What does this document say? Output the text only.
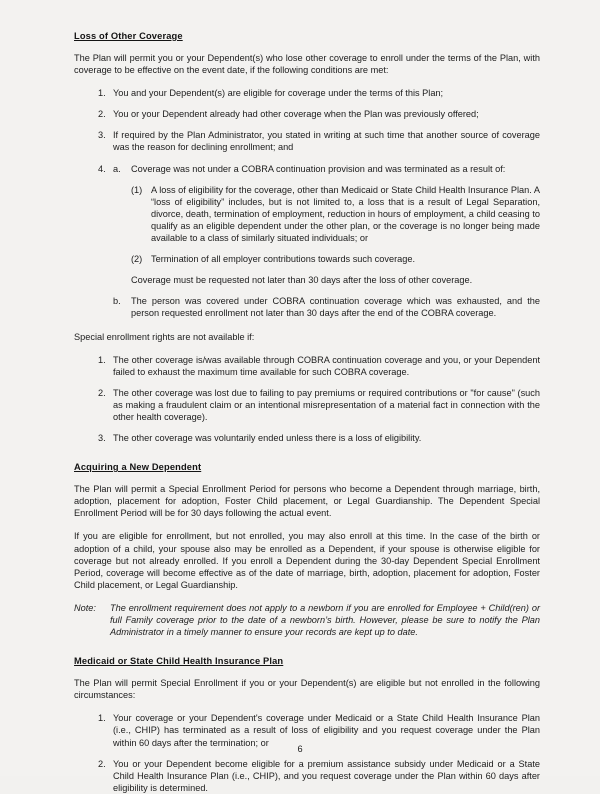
Loss of Other Coverage

The Plan will permit you or your Dependent(s) who lose other coverage to enroll under the terms of the Plan, with coverage to be effective on the event date, if the following conditions are met:

1. You and your Dependent(s) are eligible for coverage under the terms of this Plan;
2. You or your Dependent already had other coverage when the Plan was previously offered;
3. If required by the Plan Administrator, you stated in writing at such time that another source of coverage was the reason for declining enrollment; and
4. a.	Coverage was not under a COBRA continuation provision and was terminated as a result of:
(1) A loss of eligibility for the coverage, other than Medicaid or State Child Health Insurance Plan. A “loss of eligibility” includes, but is not limited to, a loss that is a result of Legal Separation, divorce, death, termination of employment, reduction in hours of employment, a child ceasing to qualify as an eligible dependent under the other plan, or the coverage is no longer being made available to a class of similarly situated individuals; or
(2) Termination of all employer contributions towards such coverage.

Coverage must be requested not later than 30 days after the loss of other coverage.

b.	The person was covered under COBRA continuation coverage which was exhausted, and the person requested enrollment not later than 30 days after the end of the COBRA coverage.

Special enrollment rights are not available if:

1. The other coverage is/was available through COBRA continuation coverage and you, or your Dependent failed to exhaust the maximum time available for such COBRA coverage.
2. The other coverage was lost due to failing to pay premiums or required contributions or "for cause" (such as making a fraudulent claim or an intentional misrepresentation of a material fact in connection with the other health coverage).
3. The other coverage was voluntarily ended unless there is a loss of eligibility.
Acquiring a New Dependent

The Plan will permit a Special Enrollment Period for persons who become a Dependent through marriage, birth, adoption, placement for adoption, Foster Child placement, or Legal Guardianship. The Dependent Special Enrollment Period will be for 30 days following the actual event.

If you are eligible for enrollment, but not enrolled, you may also enroll at this time. In the case of the birth or adoption of a child, your spouse also may be enrolled as a Dependent, if your spouse is otherwise eligible for coverage but not already enrolled. If you enroll a Dependent during the 30-day Dependent Special Enrollment Period, coverage will become effective as of the date of marriage, birth, adoption, placement for adoption, Foster Child placement, or Legal Guardianship.

Note:	The enrollment requirement does not apply to a newborn if you are enrolled for Employee + Child(ren) or full Family coverage prior to the date of a newborn’s birth. However, please be sure to notify the Plan Administrator in a timely manner to ensure your records are kept up to date.
Medicaid or State Child Health Insurance Plan

The Plan will permit Special Enrollment if you or your Dependent(s) are eligible but not enrolled in the following circumstances:

1. Your coverage or your Dependent's coverage under Medicaid or a State Child Health Insurance Plan (i.e., CHIP) has terminated as a result of loss of eligibility and you request coverage under the Plan within 60 days after the termination; or
2. You or your Dependent become eligible for a premium assistance subsidy under Medicaid or a State Child Health Insurance Plan (i.e., CHIP), and you request coverage under the Plan within 60 days after eligibility is determined.
6
